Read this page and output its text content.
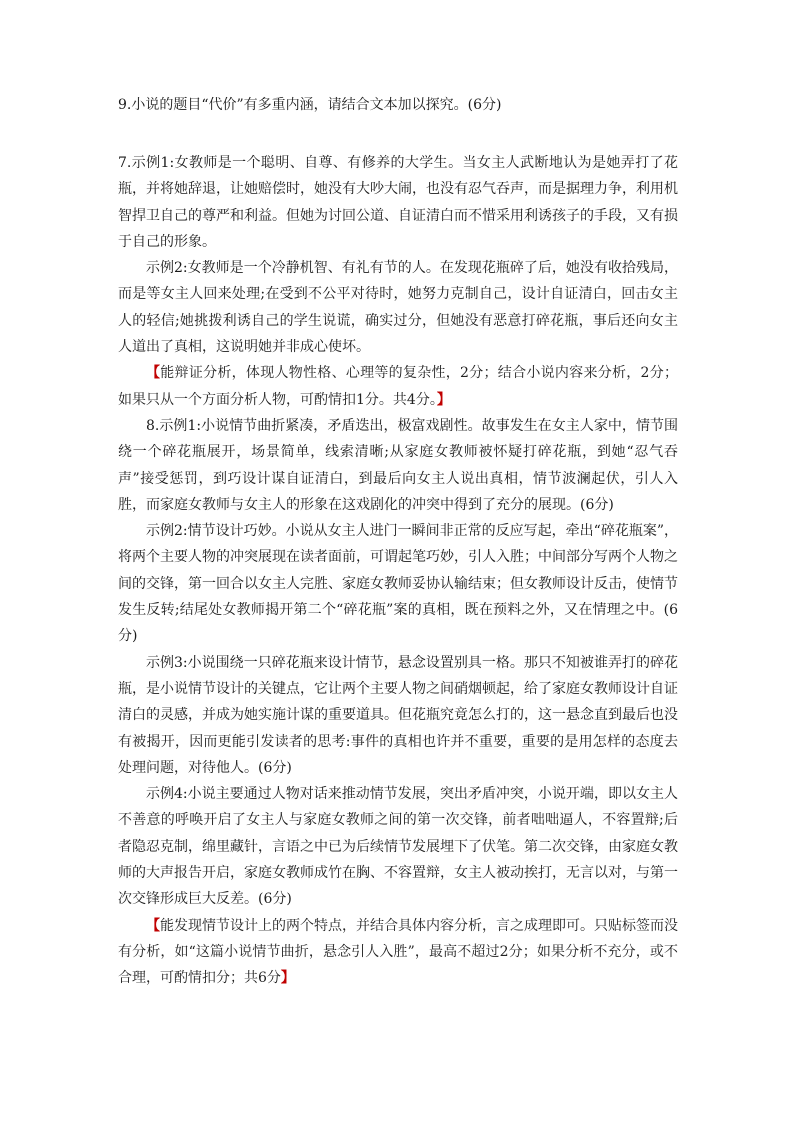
9.小说的题目“代价”有多重内涵，请结合文本加以探究。(6分)

7.示例1:女教师是一个聪明、自尊、有修养的大学生。当女主人武断地认为是她弄打了花瓶，并将她辞退，让她赔偿时，她没有大吵大闹，也没有忍气吞声，而是据理力争，利用机智捍卫自己的尊严和利益。但她为讨回公道、自证清白而不惜采用利诱孩子的手段，又有损于自己的形象。

示例2:女教师是一个冷静机智、有礼有节的人。在发现花瓶碎了后，她没有收拾残局，而是等女主人回来处理;在受到不公平对待时，她努力克制自己，设计自证清白，回击女主人的轻信;她挑拨利诱自己的学生说谎，确实过分，但她没有恶意打碎花瓶，事后还向女主人道出了真相，这说明她并非成心使坏。

【能辩证分析，体现人物性格、心理等的复杂性，2分；结合小说内容来分析，2分；如果只从一个方面分析人物，可酌情扣1分。共4分。】

8.示例1:小说情节曲折紧凑，矛盾迭出，极富戏剧性。故事发生在女主人家中，情节围绕一个碎花瓶展开，场景简单，线索清晰;从家庭女教师被怀疑打碎花瓶，到她“忍气吞声”接受惩罚，到巧设计谋自证清白，到最后向女主人说出真相，情节波澜起伏，引人入胜，而家庭女教师与女主人的形象在这戏剧化的冲突中得到了充分的展现。(6分)

示例2:情节设计巧妙。小说从女主人进门一瞬间非正常的反应写起，牵出“碎花瓶案”，将两个主要人物的冲突展现在读者面前，可谓起笔巧妙，引人入胜；中间部分写两个人物之间的交锋，第一回合以女主人完胜、家庭女教师妥协认输结束；但女教师设计反击，使情节发生反转;结尾处女教师揭开第二个“碎花瓶”案的真相，既在预料之外，又在情理之中。(6分)

示例3:小说围绕一只碎花瓶来设计情节，悬念设置别具一格。那只不知被谁弄打的碎花瓶，是小说情节设计的关键点，它让两个主要人物之间硝烟顿起，给了家庭女教师设计自证清白的灵感，并成为她实施计谋的重要道具。但花瓶究竟怎么打的，这一悬念直到最后也没有被揭开，因而更能引发读者的思考:事件的真相也许并不重要，重要的是用怎样的态度去处理问题，对待他人。(6分)

示例4:小说主要通过人物对话来推动情节发展，突出矛盾冲突，小说开端，即以女主人不善意的呼唤开启了女主人与家庭女教师之间的第一次交锋，前者咄咄逼人，不容置辩;后者隐忍克制，绵里藏针，言语之中已为后续情节发展埋下了伏笔。第二次交锋，由家庭女教师的大声报告开启，家庭女教师成竹在胸、不容置辩，女主人被动挨打，无言以对，与第一次交锋形成巨大反差。(6分)

【能发现情节设计上的两个特点，并结合具体内容分析，言之成理即可。只贴标签而没有分析，如“这篇小说情节曲折，悬念引人入胜”，最高不超过2分；如果分析不充分，或不合理，可酌情扣分；共6分】
